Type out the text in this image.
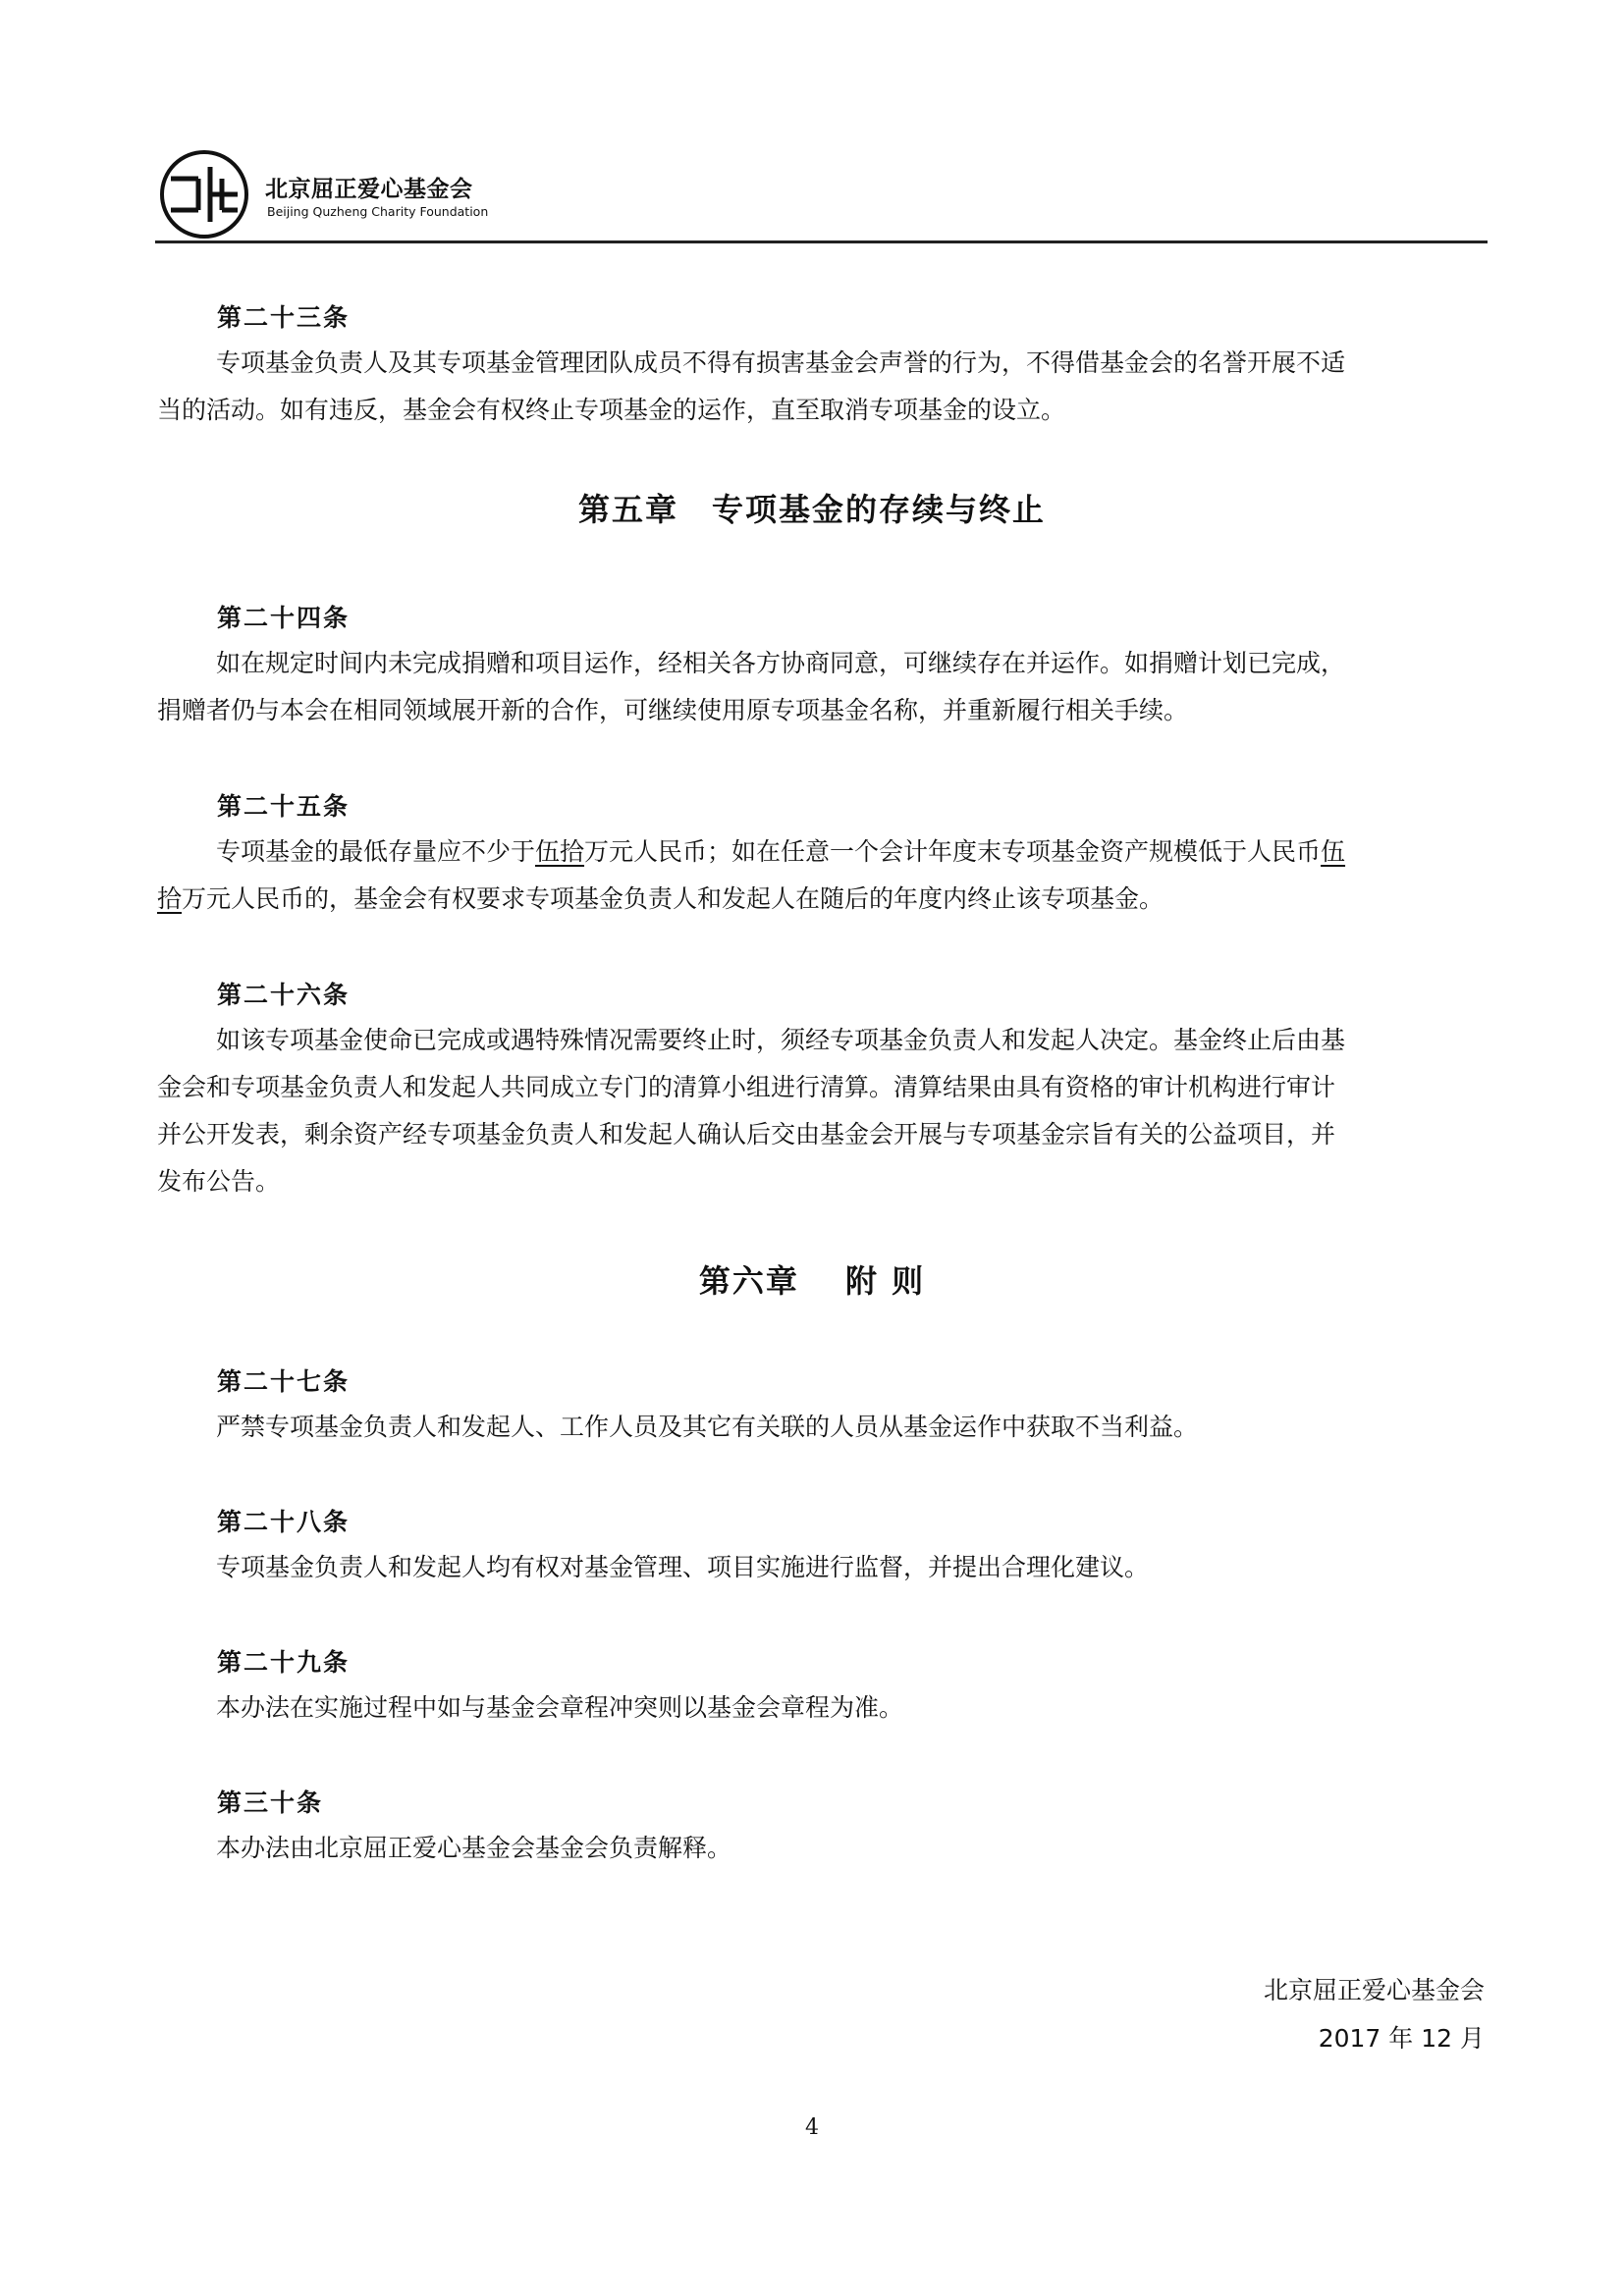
北京屈正爱心基金会
Beijing Quzheng Charity Foundation
第二十三条
专项基金负责人及其专项基金管理团队成员不得有损害基金会声誉的行为，不得借基金会的名誉开展不适
当的活动。如有违反，基金会有权终止专项基金的运作，直至取消专项基金的设立。
第五章　专项基金的存续与终止
第二十四条
如在规定时间内未完成捐赠和项目运作，经相关各方协商同意，可继续存在并运作。如捐赠计划已完成，
捐赠者仍与本会在相同领域展开新的合作，可继续使用原专项基金名称，并重新履行相关手续。
第二十五条
专项基金的最低存量应不少于伍拾万元人民币；如在任意一个会计年度末专项基金资产规模低于人民币伍
拾万元人民币的，基金会有权要求专项基金负责人和发起人在随后的年度内终止该专项基金。
第二十六条
如该专项基金使命已完成或遇特殊情况需要终止时，须经专项基金负责人和发起人决定。基金终止后由基
金会和专项基金负责人和发起人共同成立专门的清算小组进行清算。清算结果由具有资格的审计机构进行审计
并公开发表，剩余资产经专项基金负责人和发起人确认后交由基金会开展与专项基金宗旨有关的公益项目，并
发布公告。
第六章　 附 则
第二十七条
严禁专项基金负责人和发起人、工作人员及其它有关联的人员从基金运作中获取不当利益。
第二十八条
专项基金负责人和发起人均有权对基金管理、项目实施进行监督，并提出合理化建议。
第二十九条
本办法在实施过程中如与基金会章程冲突则以基金会章程为准。
第三十条
本办法由北京屈正爱心基金会基金会负责解释。
北京屈正爱心基金会
2017 年 12 月
4
